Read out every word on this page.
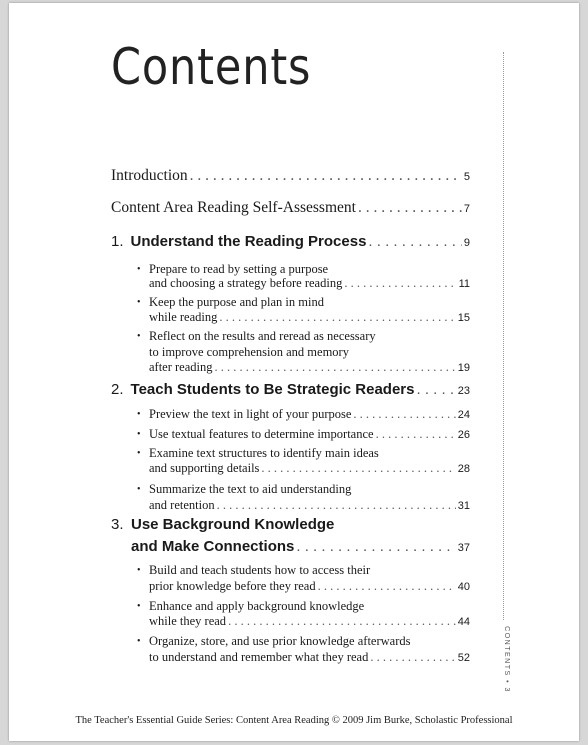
Contents
CONTENTS • 3
Introduction . . .	5
Content Area Reading Self-Assessment . . .	7
1. Understand the Reading Process . . .	9
• Prepare to read by setting a purpose
and choosing a strategy before reading . . .	11
• Keep the purpose and plan in mind
while reading . . .	15
• Reflect on the results and reread as necessary
to improve comprehension and memory
after reading . . .	19
2. Teach Students to Be Strategic Readers . . .	23
• Preview the text in light of your purpose . . .	24
• Use textual features to determine importance . . .	26
• Examine text structures to identify main ideas
and supporting details . . .	28
• Summarize the text to aid understanding
and retention . . .	31
3. Use Background Knowledge
and Make Connections . . .	37
• Build and teach students how to access their
prior knowledge before they read . . .	40
• Enhance and apply background knowledge
while they read . . .	44
• Organize, store, and use prior knowledge afterwards
to understand and remember what they read . . .	52
The Teacher's Essential Guide Series: Content Area Reading © 2009 Jim Burke, Scholastic Professional
